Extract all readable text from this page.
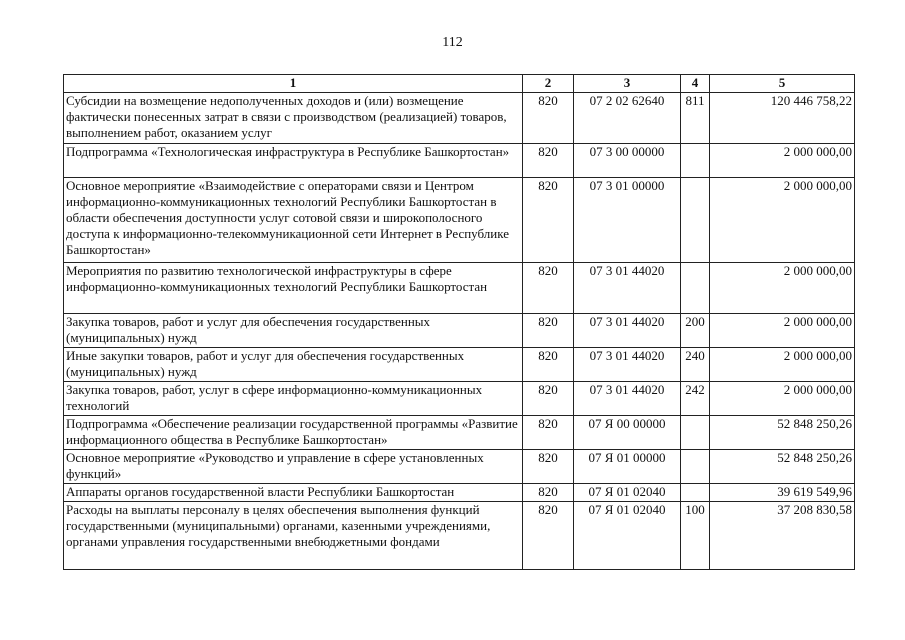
112
1	2	3	4	5
Субсидии на возмещение недополученных доходов и (или) возмещение фактически понесенных затрат в связи с производством (реализацией) товаров, выполнением работ, оказанием услуг	820	07 2 02 62640	811	120 446 758,22
Подпрограмма «Технологическая инфраструктура в Республике Башкортостан»	820	07 3 00 00000		2 000 000,00
Основное мероприятие «Взаимодействие с операторами связи и Центром информационно-коммуникационных технологий Республики Башкортостан в области обеспечения доступности услуг сотовой связи и широкополосного доступа к информационно-телекоммуникационной сети Интернет в Республике Башкортостан»	820	07 3 01 00000		2 000 000,00
Мероприятия по развитию технологической инфраструктуры в сфере информационно-коммуникационных технологий Республики Башкортостан	820	07 3 01 44020		2 000 000,00
Закупка товаров, работ и услуг для обеспечения государственных (муниципальных) нужд	820	07 3 01 44020	200	2 000 000,00
Иные закупки товаров, работ и услуг для обеспечения государственных (муниципальных) нужд	820	07 3 01 44020	240	2 000 000,00
Закупка товаров, работ, услуг в сфере информационно-коммуникационных технологий	820	07 3 01 44020	242	2 000 000,00
Подпрограмма «Обеспечение реализации государственной программы «Развитие информационного общества в Республике Башкортостан»	820	07 Я 00 00000		52 848 250,26
Основное мероприятие «Руководство и управление в сфере установленных функций»	820	07 Я 01 00000		52 848 250,26
Аппараты органов государственной власти Республики Башкортостан	820	07 Я 01 02040		39 619 549,96
Расходы на выплаты персоналу в целях обеспечения выполнения функций государственными (муниципальными) органами, казенными учреждениями, органами управления государственными внебюджетными фондами	820	07 Я 01 02040	100	37 208 830,58
